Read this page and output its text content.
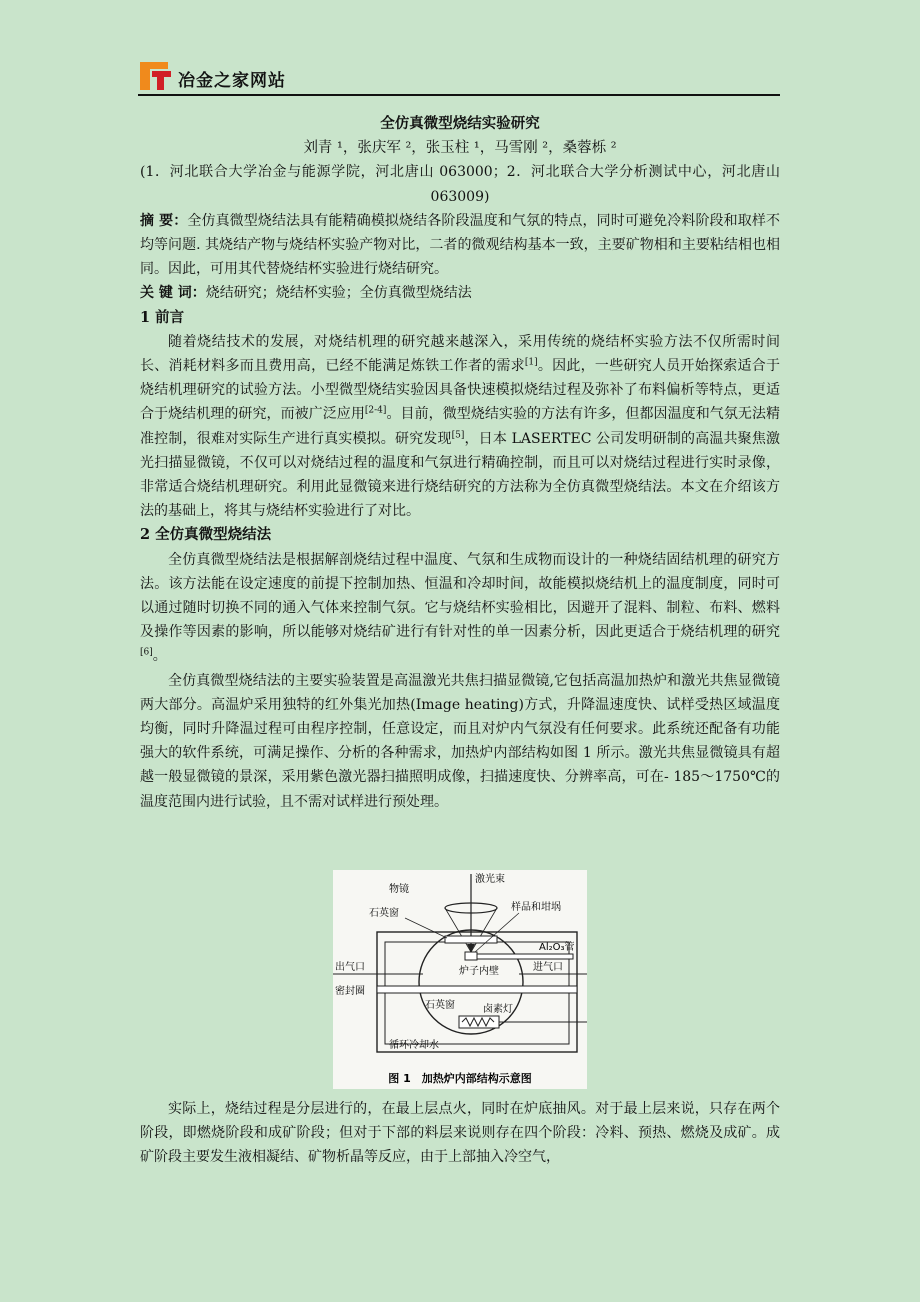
冶金之家网站
全仿真微型烧结实验研究
刘青 ¹，张庆军 ²，张玉柱 ¹，马雪刚 ²，桑蓉栎 ²
(1．河北联合大学冶金与能源学院，河北唐山 063000；2．河北联合大学分析测试中心，河北唐山 063009)

摘 要：全仿真微型烧结法具有能精确模拟烧结各阶段温度和气氛的特点，同时可避免冷料阶段和取样不均等问题. 其烧结产物与烧结杯实验产物对比，二者的微观结构基本一致，主要矿物相和主要粘结相也相同。因此，可用其代替烧结杯实验进行烧结研究。

关 键 词：烧结研究；烧结杯实验；全仿真微型烧结法

1 前言

随着烧结技术的发展，对烧结机理的研究越来越深入，采用传统的烧结杯实验方法不仅所需时间长、消耗材料多而且费用高，已经不能满足炼铁工作者的需求[1]。因此，一些研究人员开始探索适合于烧结机理研究的试验方法。小型微型烧结实验因具备快速模拟烧结过程及弥补了布料偏析等特点，更适合于烧结机理的研究，而被广泛应用[2-4]。目前，微型烧结实验的方法有许多，但都因温度和气氛无法精准控制，很难对实际生产进行真实模拟。研究发现[5]，日本 LASERTEC 公司发明研制的高温共聚焦激光扫描显微镜，不仅可以对烧结过程的温度和气氛进行精确控制，而且可以对烧结过程进行实时录像，非常适合烧结机理研究。利用此显微镜来进行烧结研究的方法称为全仿真微型烧结法。本文在介绍该方法的基础上，将其与烧结杯实验进行了对比。

2 全仿真微型烧结法

全仿真微型烧结法是根据解剖烧结过程中温度、气氛和生成物而设计的一种烧结固结机理的研究方法。该方法能在设定速度的前提下控制加热、恒温和冷却时间，故能模拟烧结机上的温度制度，同时可以通过随时切换不同的通入气体来控制气氛。它与烧结杯实验相比，因避开了混料、制粒、布料、燃料及操作等因素的影响，所以能够对烧结矿进行有针对性的单一因素分析，因此更适合于烧结机理的研究[6]。

全仿真微型烧结法的主要实验装置是高温激光共焦扫描显微镜,它包括高温加热炉和激光共焦显微镜两大部分。高温炉采用独特的红外集光加热(Image heating)方式，升降温速度快、试样受热区域温度均衡，同时升降温过程可由程序控制，任意设定，而且对炉内气氛没有任何要求。此系统还配备有功能强大的软件系统，可满足操作、分析的各种需求，加热炉内部结构如图 1 所示。激光共焦显微镜具有超越一般显微镜的景深，采用紫色激光器扫描照明成像，扫描速度快、分辨率高，可在- 185～1750℃的温度范围内进行试验，且不需对试样进行预处理。

物镜
激光束
石英窗
样品和坩埚
Al₂O₃管
出气口	炉子内壁	进气口
密封圈
石英窗	卤素灯
循环冷却水
图 1　加热炉内部结构示意图

实际上，烧结过程是分层进行的，在最上层点火，同时在炉底抽风。对于最上层来说，只存在两个阶段，即燃烧阶段和成矿阶段；但对于下部的料层来说则存在四个阶段：冷料、预热、燃烧及成矿。成矿阶段主要发生液相凝结、矿物析晶等反应，由于上部抽入冷空气，
